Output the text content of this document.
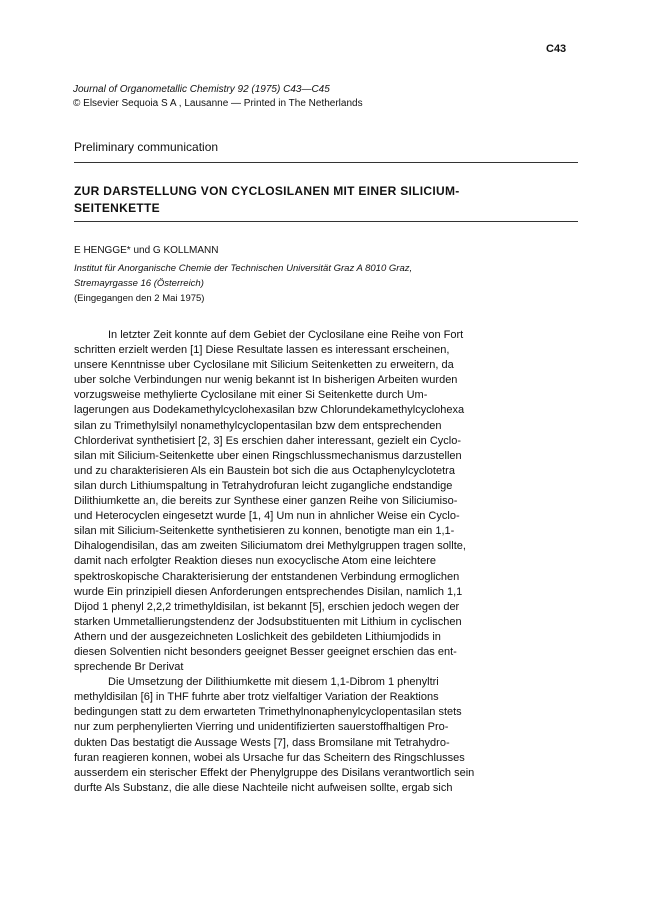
C43
Journal of Organometallic Chemistry 92 (1975) C43—C45
© Elsevier Sequoia S A , Lausanne — Printed in The Netherlands
Preliminary communication
ZUR DARSTELLUNG VON CYCLOSILANEN MIT EINER SILICIUM-
SEITENKETTE
E HENGGE* und G KOLLMANN
Institut für Anorganische Chemie der Technischen Universität Graz A 8010 Graz,
Stremayrgasse 16 (Österreich)
(Eingegangen den 2 Mai 1975)
In letzter Zeit konnte auf dem Gebiet der Cyclosilane eine Reihe von Fort
schritten erzielt werden [1] Diese Resultate lassen es interessant erscheinen,
unsere Kenntnisse uber Cyclosilane mit Silicium Seitenketten zu erweitern, da
uber solche Verbindungen nur wenig bekannt ist In bisherigen Arbeiten wurden
vorzugsweise methylierte Cyclosilane mit einer Si Seitenkette durch Um-
lagerungen aus Dodekamethylcyclohexasilan bzw Chlorundekamethylcyclohexa
silan zu Trimethylsilyl nonamethylcyclopentasilan bzw dem entsprechenden
Chlorderivat synthetisiert [2, 3] Es erschien daher interessant, gezielt ein Cyclo-
silan mit Silicium-Seitenkette uber einen Ringschlussmechanismus darzustellen
und zu charakterisieren Als ein Baustein bot sich die aus Octaphenylcyclotetra
silan durch Lithiumspaltung in Tetrahydrofuran leicht zugangliche endstandige
Dilithiumkette an, die bereits zur Synthese einer ganzen Reihe von Siliciumiso-
und Heterocyclen eingesetzt wurde [1, 4] Um nun in ahnlicher Weise ein Cyclo-
silan mit Silicium-Seitenkette synthetisieren zu konnen, benotigte man ein 1,1-
Dihalogendisilan, das am zweiten Siliciumatom drei Methylgruppen tragen sollte,
damit nach erfolgter Reaktion dieses nun exocyclische Atom eine leichtere
spektroskopische Charakterisierung der entstandenen Verbindung ermoglichen
wurde Ein prinzipiell diesen Anforderungen entsprechendes Disilan, namlich 1,1
Dijod 1 phenyl 2,2,2 trimethyldisilan, ist bekannt [5], erschien jedoch wegen der
starken Ummetallierungstendenz der Jodsubstituenten mit Lithium in cyclischen
Athern und der ausgezeichneten Loslichkeit des gebildeten Lithiumjodids in
diesen Solventien nicht besonders geeignet Besser geeignet erschien das ent-
sprechende Br Derivat
Die Umsetzung der Dilithiumkette mit diesem 1,1-Dibrom 1 phenyltri
methyldisilan [6] in THF fuhrte aber trotz vielfaltiger Variation der Reaktions
bedingungen statt zu dem erwarteten Trimethylnonaphenylcyclopentasilan stets
nur zum perphenylierten Vierring und unidentifizierten sauerstoffhaltigen Pro-
dukten Das bestatigt die Aussage Wests [7], dass Bromsilane mit Tetrahydro-
furan reagieren konnen, wobei als Ursache fur das Scheitern des Ringschlusses
ausserdem ein sterischer Effekt der Phenylgruppe des Disilans verantwortlich sein
durfte Als Substanz, die alle diese Nachteile nicht aufweisen sollte, ergab sich
